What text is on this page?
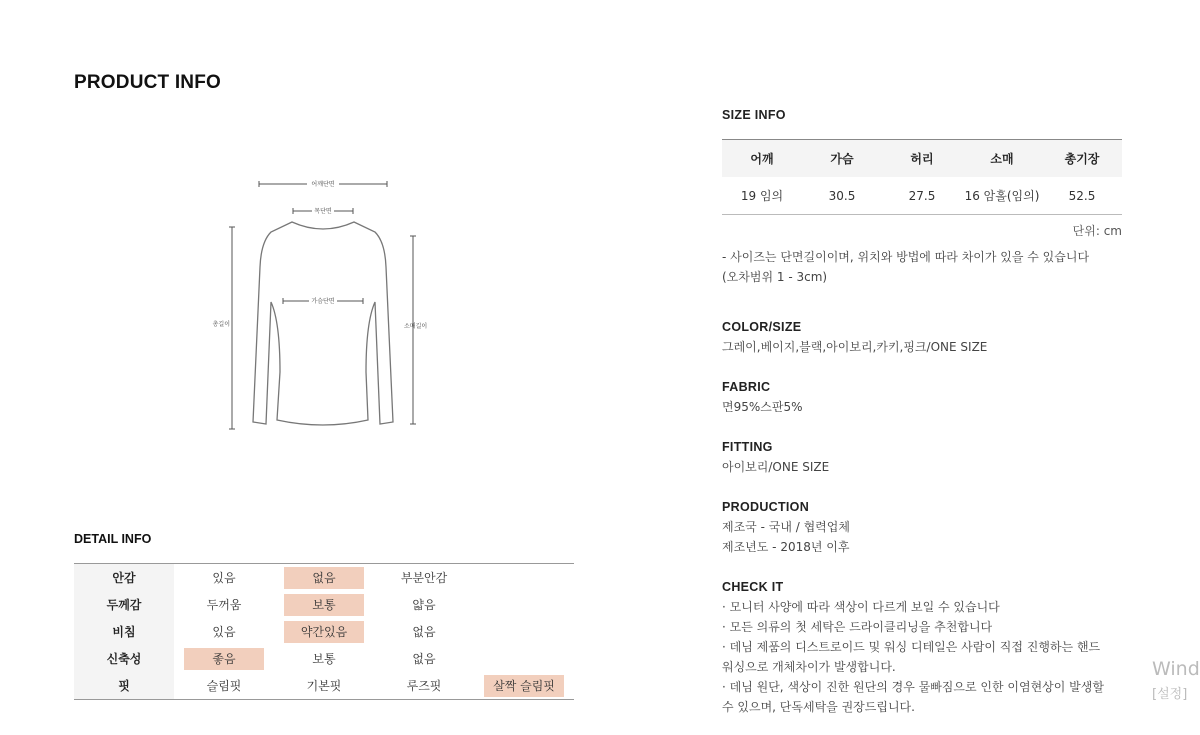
PRODUCT INFO
어깨단면
목단면
가슴단면
총길이	소매길이
DETAIL INFO
안감	있음	없음	부분안감
두께감	두꺼움	보통	얇음
비침	있음	약간있음	없음
신축성	좋음	보통	없음
핏	슬림핏	기본핏	루즈핏	살짝 슬림핏
SIZE INFO
어깨	가슴	허리	소매	총기장
19 임의	30.5	27.5	16 암홀(임의)	52.5
단위: cm
- 사이즈는 단면길이이며, 위치와 방법에 따라 차이가 있을 수 있습니다
(오차범위 1 - 3cm)
COLOR/SIZE
그레이,베이지,블랙,아이보리,카키,핑크/ONE SIZE
FABRIC
면95%스판5%
FITTING
아이보리/ONE SIZE
PRODUCTION
제조국 - 국내 / 협력업체
제조년도 - 2018년 이후
CHECK IT
· 모니터 사양에 따라 색상이 다르게 보일 수 있습니다
· 모든 의류의 첫 세탁은 드라이클리닝을 추천합니다
· 데님 제품의 디스트로이드 및 워싱 디테일은 사람이 직접 진행하는 핸드
워싱으로 개체차이가 발생합니다.
· 데님 원단, 색상이 진한 원단의 경우 물빠짐으로 인한 이염현상이 발생할
수 있으며, 단독세탁을 권장드립니다.
Wind
[설정]
